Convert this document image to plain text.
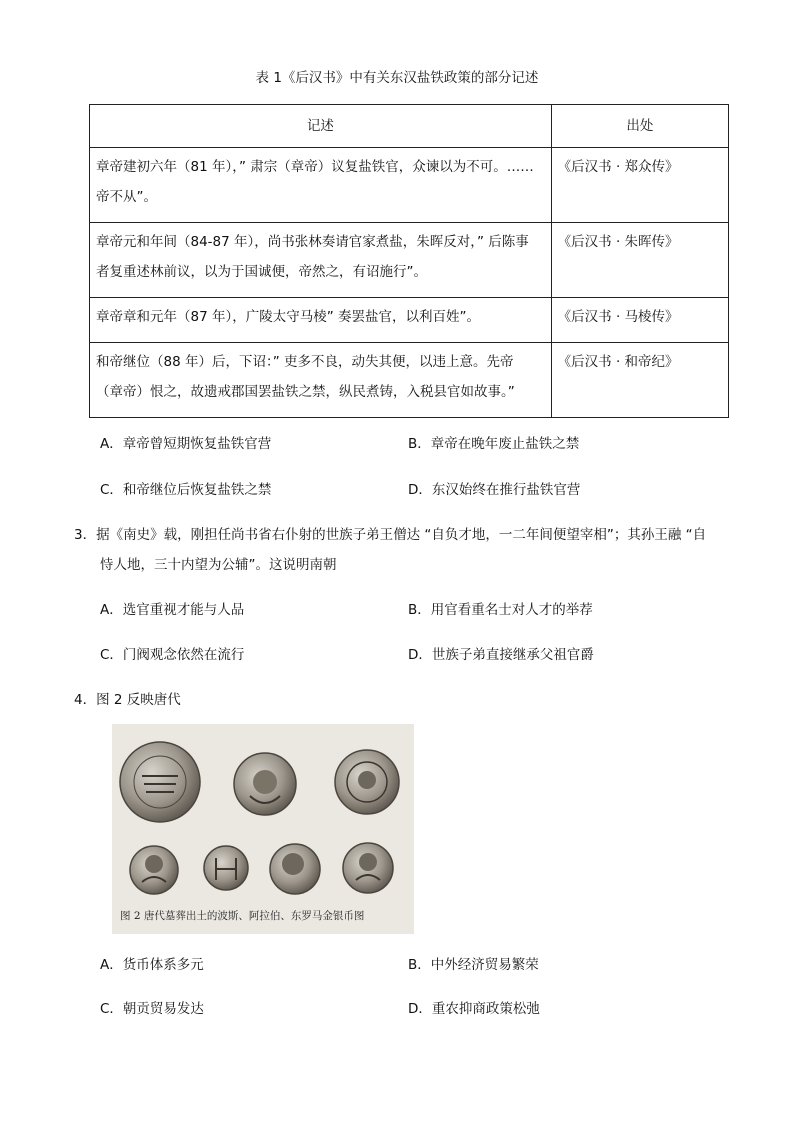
表 1《后汉书》中有关东汉盐铁政策的部分记述
记述	出处

章帝建初六年（81 年），” 肃宗（章帝）议复盐铁官，众谏以为不可。……
帝不从”。	《后汉书 · 郑众传》

章帝元和年间（84-87 年），尚书张林奏请官家煮盐，朱晖反对，” 后陈事
者复重述林前议，以为于国诚便，帝然之，有诏施行”。	《后汉书 · 朱晖传》

章帝章和元年（87 年），广陵太守马棱” 奏罢盐官，以利百姓”。	《后汉书 · 马棱传》

和帝继位（88 年）后，下诏：” 吏多不良，动失其便，以违上意。先帝
（章帝）恨之，故遗戒郡国罢盐铁之禁，纵民煮铸，入税县官如故事。”	《后汉书 · 和帝纪》
A．章帝曾短期恢复盐铁官营	B．章帝在晚年废止盐铁之禁
C．和帝继位后恢复盐铁之禁	D．东汉始终在推行盐铁官营
3．据《南史》载，刚担任尚书省右仆射的世族子弟王僧达 “自负才地，一二年间便望宰相”；其孙王融 “自
恃人地，三十内望为公辅”。这说明南朝
A．选官重视才能与人品	B．用官看重名士对人才的举荐
C．门阀观念依然在流行	D．世族子弟直接继承父祖官爵
4．图 2 反映唐代
图 2 唐代墓葬出土的波斯、阿拉伯、东罗马金银币图
A．货币体系多元	B．中外经济贸易繁荣
C．朝贡贸易发达	D．重农抑商政策松弛
